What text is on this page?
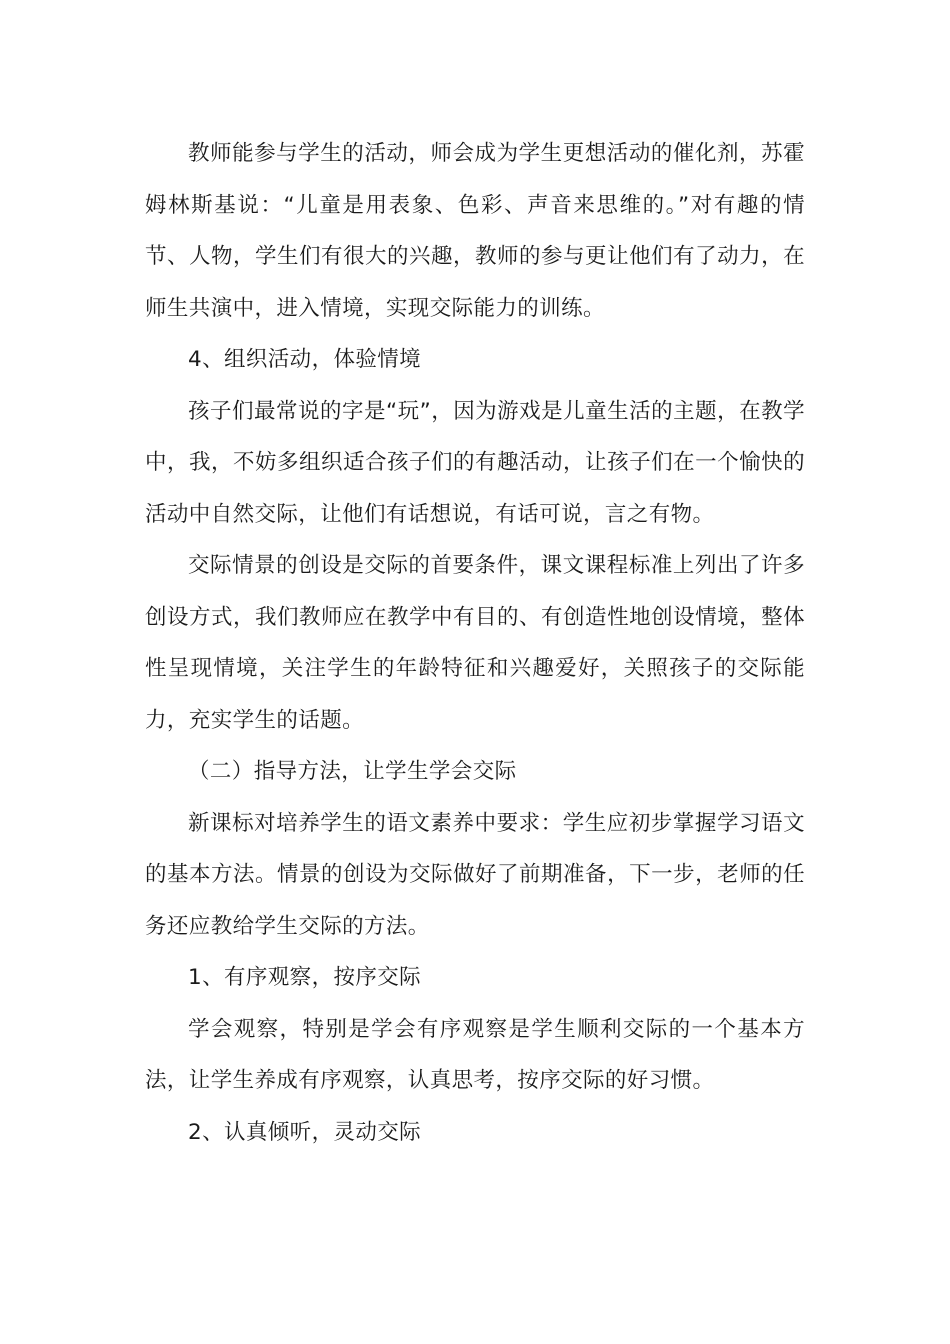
教师能参与学生的活动，师会成为学生更想活动的催化剂，苏霍姆林斯基说：“儿童是用表象、色彩、声音来思维的。”对有趣的情节、人物，学生们有很大的兴趣，教师的参与更让他们有了动力，在师生共演中，进入情境，实现交际能力的训练。

4、组织活动，体验情境

孩子们最常说的字是“玩”，因为游戏是儿童生活的主题，在教学中，我，不妨多组织适合孩子们的有趣活动，让孩子们在一个愉快的活动中自然交际，让他们有话想说，有话可说，言之有物。

交际情景的创设是交际的首要条件，课文课程标准上列出了许多创设方式，我们教师应在教学中有目的、有创造性地创设情境，整体性呈现情境，关注学生的年龄特征和兴趣爱好，关照孩子的交际能力，充实学生的话题。

（二）指导方法，让学生学会交际

新课标对培养学生的语文素养中要求：学生应初步掌握学习语文的基本方法。情景的创设为交际做好了前期准备，下一步，老师的任务还应教给学生交际的方法。

1、有序观察，按序交际

学会观察，特别是学会有序观察是学生顺利交际的一个基本方法，让学生养成有序观察，认真思考，按序交际的好习惯。

2、认真倾听，灵动交际
